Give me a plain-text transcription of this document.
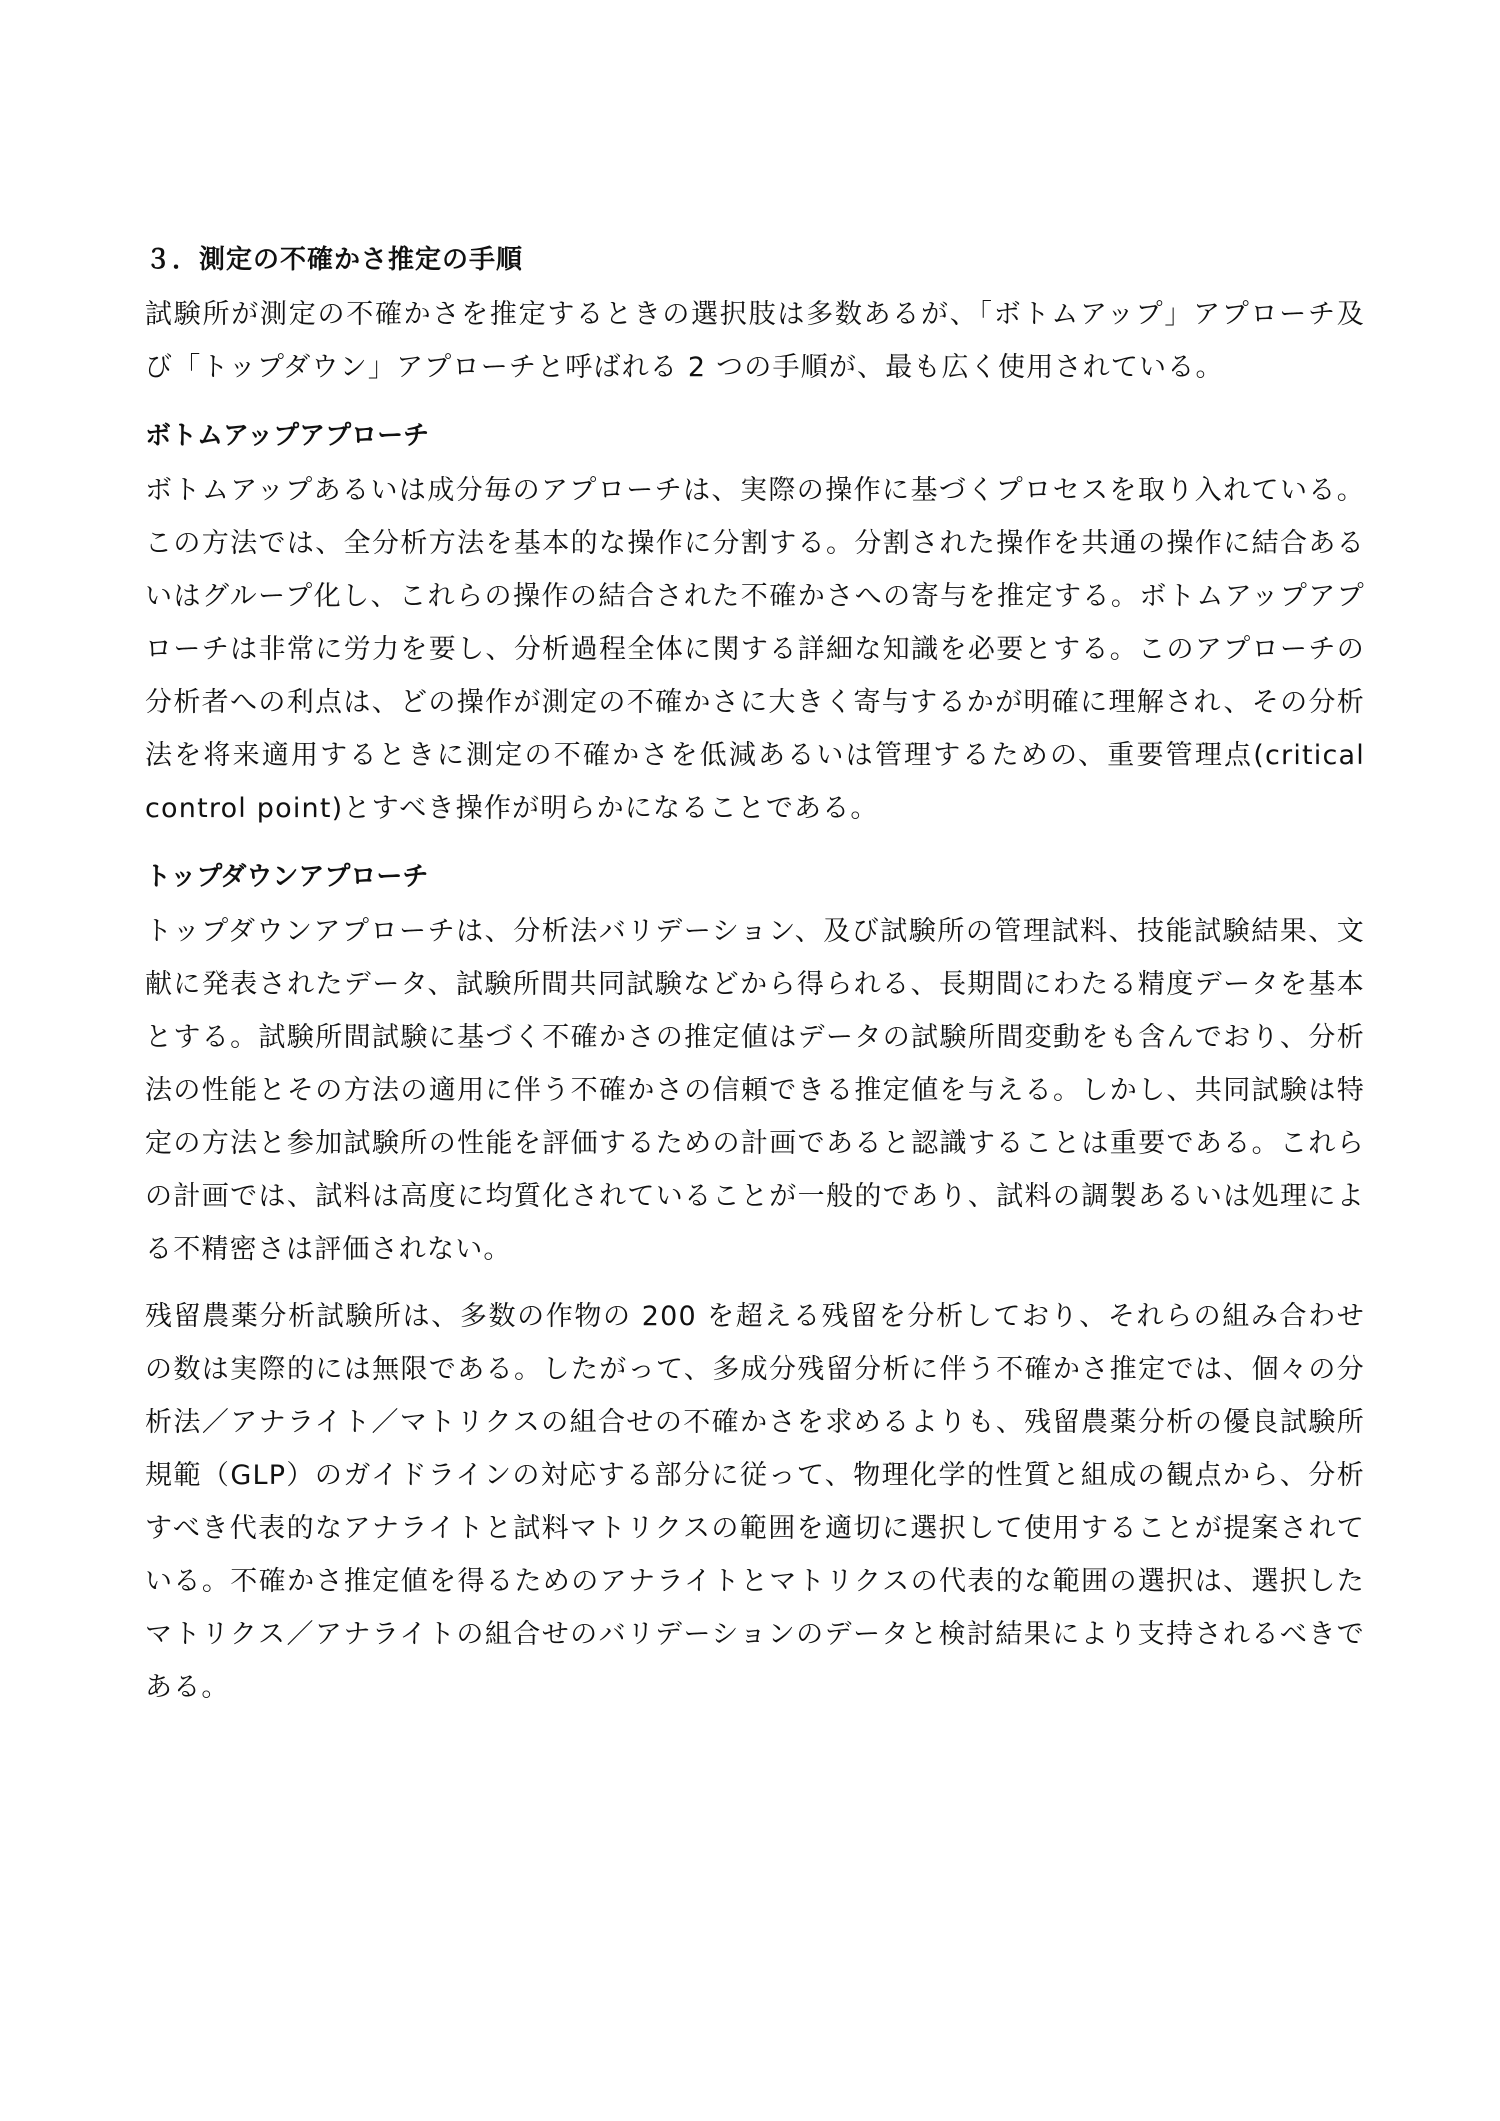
３．測定の不確かさ推定の手順

試験所が測定の不確かさを推定するときの選択肢は多数あるが、「ボトムアップ」アプローチ及び「トップダウン」アプローチと呼ばれる 2 つの手順が、最も広く使用されている。

ボトムアップアプローチ

ボトムアップあるいは成分毎のアプローチは、実際の操作に基づくプロセスを取り入れている。この方法では、全分析方法を基本的な操作に分割する。分割された操作を共通の操作に結合あるいはグループ化し、これらの操作の結合された不確かさへの寄与を推定する。ボトムアップアプローチは非常に労力を要し、分析過程全体に関する詳細な知識を必要とする。このアプローチの分析者への利点は、どの操作が測定の不確かさに大きく寄与するかが明確に理解され、その分析法を将来適用するときに測定の不確かさを低減あるいは管理するための、重要管理点(critical control point)とすべき操作が明らかになることである。

トップダウンアプローチ

トップダウンアプローチは、分析法バリデーション、及び試験所の管理試料、技能試験結果、文献に発表されたデータ、試験所間共同試験などから得られる、長期間にわたる精度データを基本とする。試験所間試験に基づく不確かさの推定値はデータの試験所間変動をも含んでおり、分析法の性能とその方法の適用に伴う不確かさの信頼できる推定値を与える。しかし、共同試験は特定の方法と参加試験所の性能を評価するための計画であると認識することは重要である。これらの計画では、試料は高度に均質化されていることが一般的であり、試料の調製あるいは処理による不精密さは評価されない。

残留農薬分析試験所は、多数の作物の 200 を超える残留を分析しており、それらの組み合わせの数は実際的には無限である。したがって、多成分残留分析に伴う不確かさ推定では、個々の分析法／アナライト／マトリクスの組合せの不確かさを求めるよりも、残留農薬分析の優良試験所規範（GLP）のガイドラインの対応する部分に従って、物理化学的性質と組成の観点から、分析すべき代表的なアナライトと試料マトリクスの範囲を適切に選択して使用することが提案されている。不確かさ推定値を得るためのアナライトとマトリクスの代表的な範囲の選択は、選択したマトリクス／アナライトの組合せのバリデーションのデータと検討結果により支持されるべきである。
